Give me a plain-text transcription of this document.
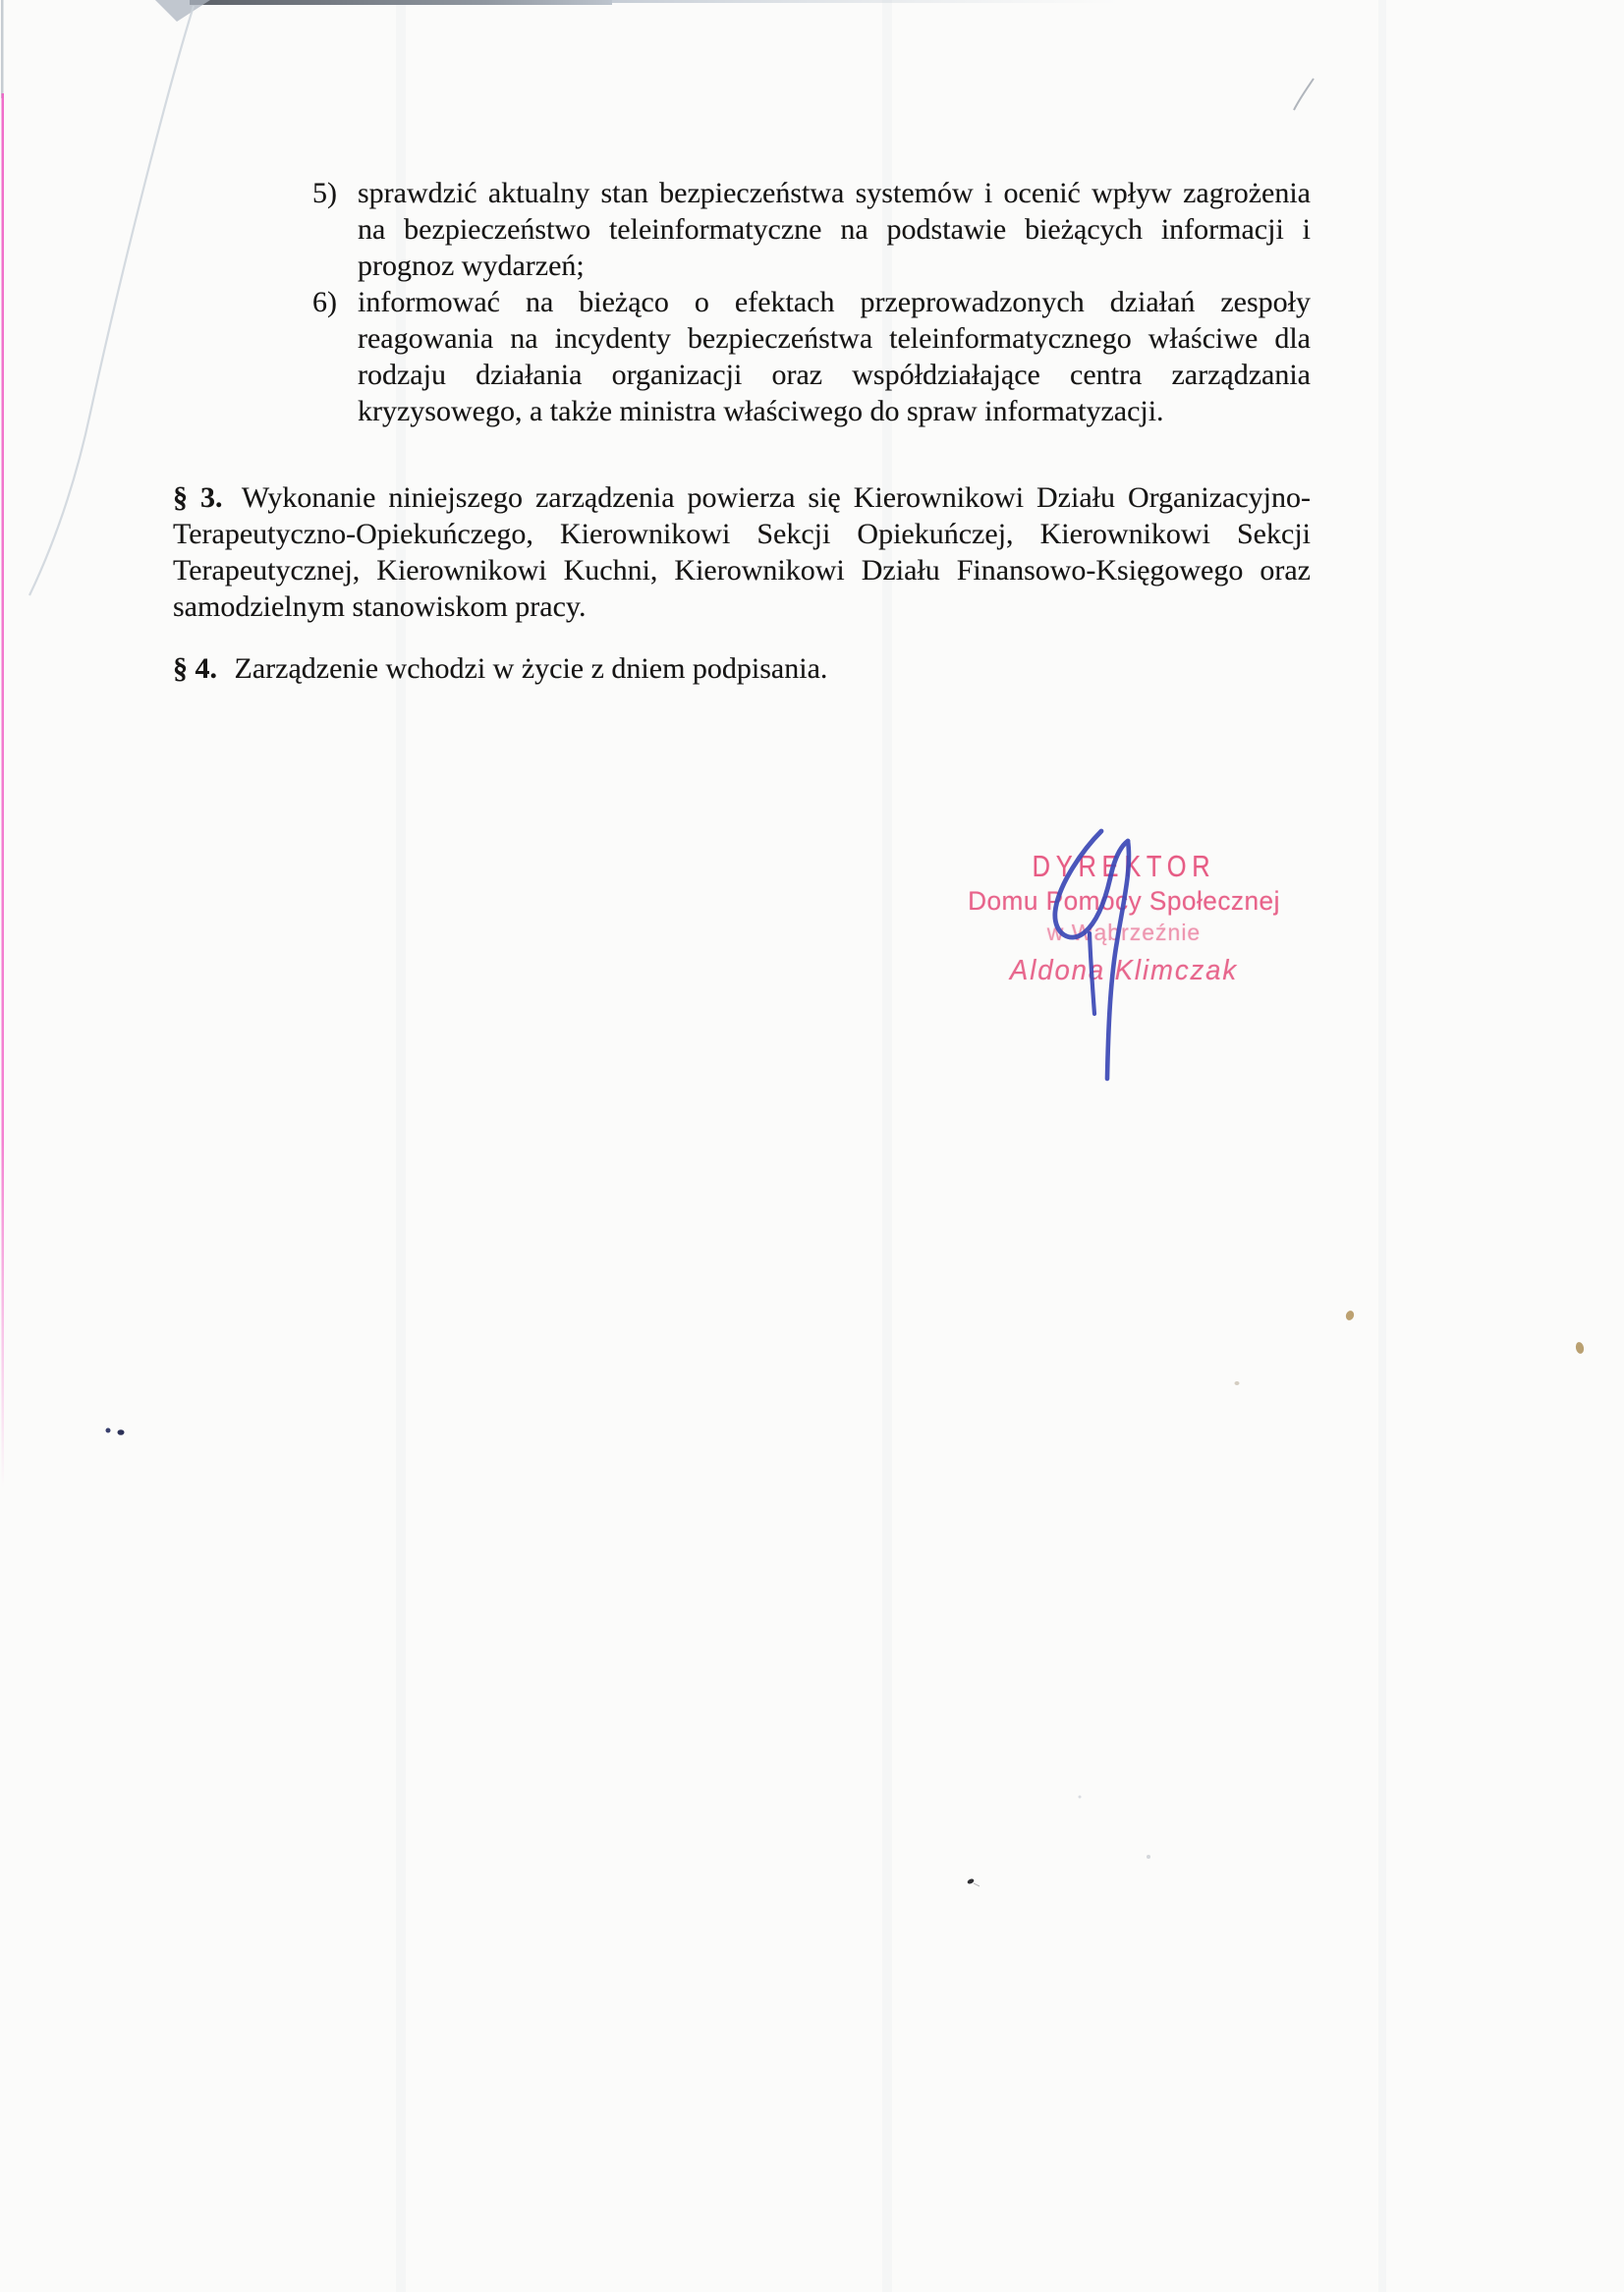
5) sprawdzić aktualny stan bezpieczeństwa systemów i ocenić wpływ zagrożenia
na bezpieczeństwo teleinformatyczne na podstawie bieżących informacji i
prognoz wydarzeń;
6) informować na bieżąco o efektach przeprowadzonych działań zespoły
reagowania na incydenty bezpieczeństwa teleinformatycznego właściwe dla
rodzaju działania organizacji oraz współdziałające centra zarządzania
kryzysowego, a także ministra właściwego do spraw informatyzacji.
§ 3. Wykonanie niniejszego zarządzenia powierza się Kierownikowi Działu Organizacyjno-
Terapeutyczno-Opiekuńczego, Kierownikowi Sekcji Opiekuńczej, Kierownikowi Sekcji
Terapeutycznej, Kierownikowi Kuchni, Kierownikowi Działu Finansowo-Księgowego oraz
samodzielnym stanowiskom pracy.
§ 4. Zarządzenie wchodzi w życie z dniem podpisania.
DYREKTOR
Domu Pomocy Społecznej
w Wąbrzeźnie
Aldona Klimczak
